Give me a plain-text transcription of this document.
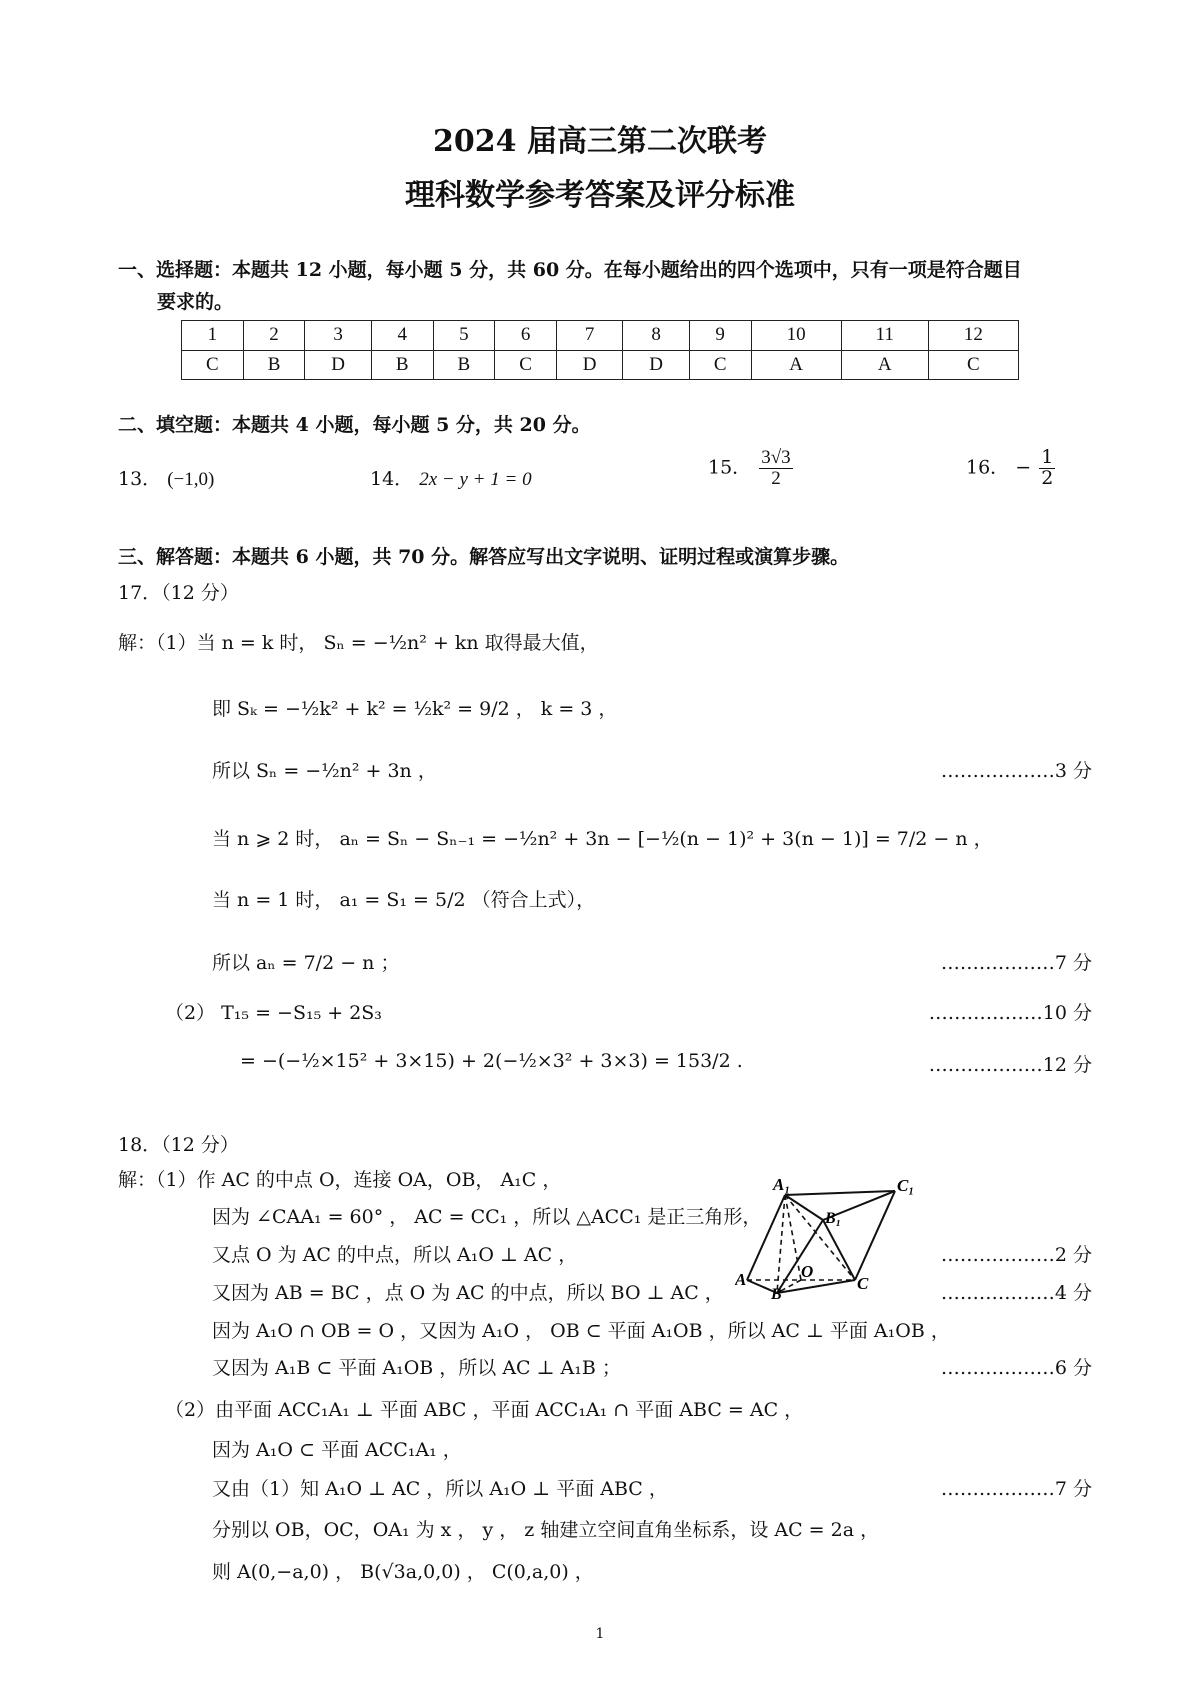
2024 届高三第二次联考
理科数学参考答案及评分标准
一、选择题：本题共 12 小题，每小题 5 分，共 60 分。在每小题给出的四个选项中，只有一项是符合题目
要求的。
1	2	3	4	5	6	7	8	9	10	11	12
C	B	D	B	B	C	D	D	C	A	A	C
二、填空题：本题共 4 小题，每小题 5 分，共 20 分。
13． (−1,0)	14． 2x − y + 1 = 0
15． $\frac{3√3}{2}$	16． − $\frac{1}{2}$
三、解答题：本题共 6 小题，共 70 分。解答应写出文字说明、证明过程或演算步骤。
17．（12 分）
解：（1）当 n = k 时， Sₙ = −½n² + kn 取得最大值，
即 Sₖ = −½k² + k² = ½k² = 9/2 ， k = 3 ，
所以 Sₙ = −½n² + 3n ，	………………3 分
当 n ⩾ 2 时， aₙ = Sₙ − Sₙ₋₁ = −½n² + 3n − [−½(n − 1)² + 3(n − 1)] = 7/2 − n ，
当 n = 1 时， a₁ = S₁ = 5/2 （符合上式），
所以 aₙ = 7/2 − n ；	………………7 分
（2） T₁₅ = −S₁₅ + 2S₃	………………10 分
= −(−½×15² + 3×15) + 2(−½×3² + 3×3) = 153/2 .	………………12 分
18．（12 分）
解：（1）作 AC 的中点 O，连接 OA，OB， A₁C ，
因为 ∠CAA₁ = 60° ， AC = CC₁ ，所以 △ACC₁ 是正三角形，
又点 O 为 AC 的中点，所以 A₁O ⊥ AC ，	………………2 分
又因为 AB = BC ，点 O 为 AC 的中点，所以 BO ⊥ AC ，	………………4 分
因为 A₁O ∩ OB = O ，又因为 A₁O ， OB ⊂ 平面 A₁OB ，所以 AC ⊥ 平面 A₁OB ，
又因为 A₁B ⊂ 平面 A₁OB ，所以 AC ⊥ A₁B ；	………………6 分
（2）由平面 ACC₁A₁ ⊥ 平面 ABC ，平面 ACC₁A₁ ∩ 平面 ABC = AC ，
因为 A₁O ⊂ 平面 ACC₁A₁ ，
又由（1）知 A₁O ⊥ AC ，所以 A₁O ⊥ 平面 ABC ，	………………7 分
分别以 OB，OC，OA₁ 为 x ， y ， z 轴建立空间直角坐标系，设 AC = 2a ，
则 A(0,−a,0) ， B(√3a,0,0) ， C(0,a,0) ，
A₁
B₁
C₁
A	O
C
B
1
